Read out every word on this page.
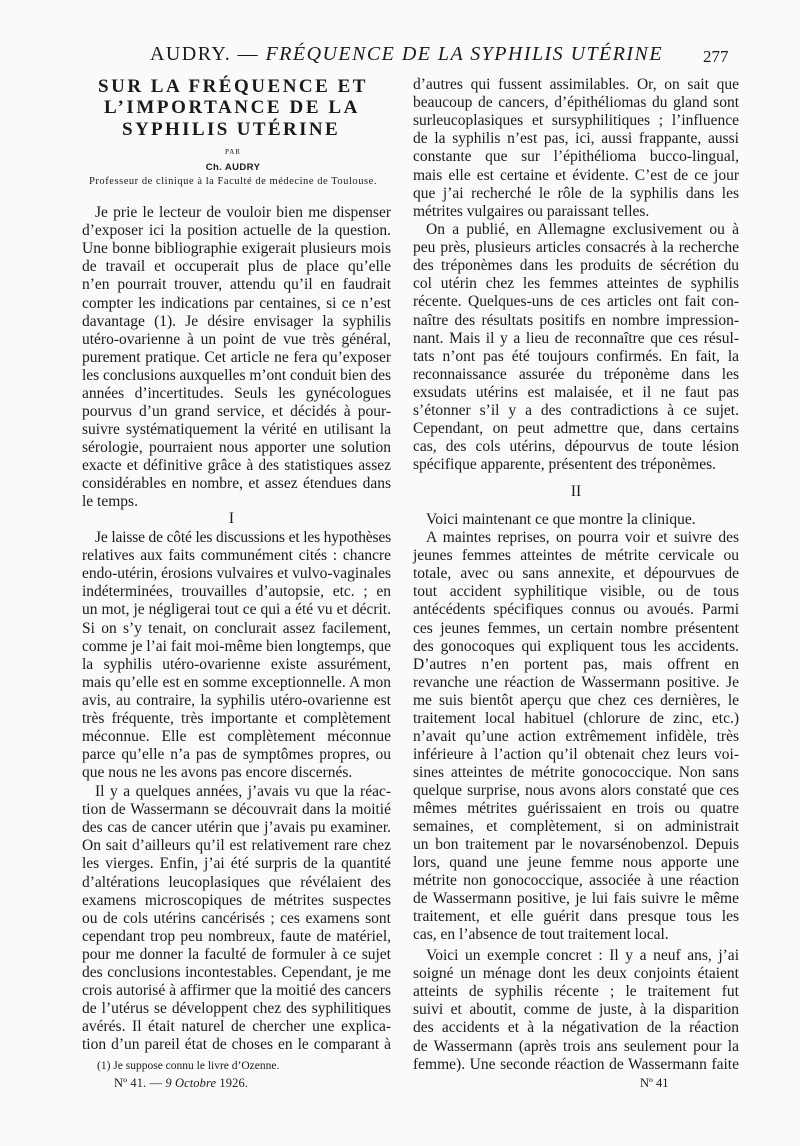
AUDRY. — FRÉQUENCE DE LA SYPHILIS UTÉRINE 277
SUR LA FRÉQUENCE ET
L’IMPORTANCE DE LA
SYPHILIS UTÉRINE
PAR
Ch. AUDRY
Professeur de clinique à la Faculté de médecine de Toulouse.
Je prie le lecteur de vouloir bien me dispenser
d’exposer ici la position actuelle de la question.
Une bonne bibliographie exigerait plusieurs mois
de travail et occuperait plus de place qu’elle
n’en pourrait trouver, attendu qu’il en faudrait
compter les indications par centaines, si ce n’est
davantage (1). Je désire envisager la syphilis
utéro-ovarienne à un point de vue très général,
purement pratique. Cet article ne fera qu’exposer
les conclusions auxquelles m’ont conduit bien des
années d’incertitudes. Seuls les gynécologues
pourvus d’un grand service, et décidés à pour-
suivre systématiquement la vérité en utilisant la
sérologie, pourraient nous apporter une solution
exacte et définitive grâce à des statistiques assez
considérables en nombre, et assez étendues dans
le temps.
I
Je laisse de côté les discussions et les hypothèses
relatives aux faits communément cités : chancre
endo-utérin, érosions vulvaires et vulvo-vaginales
indéterminées, trouvailles d’autopsie, etc. ; en
un mot, je négligerai tout ce qui a été vu et décrit.
Si on s’y tenait, on conclurait assez facilement,
comme je l’ai fait moi-même bien longtemps, que
la syphilis utéro-ovarienne existe assurément,
mais qu’elle est en somme exceptionnelle. A mon
avis, au contraire, la syphilis utéro-ovarienne est
très fréquente, très importante et complètement
méconnue. Elle est complètement méconnue
parce qu’elle n’a pas de symptômes propres, ou
que nous ne les avons pas encore discernés.
Il y a quelques années, j’avais vu que la réac-
tion de Wassermann se découvrait dans la moitié
des cas de cancer utérin que j’avais pu examiner.
On sait d’ailleurs qu’il est relativement rare chez
les vierges. Enfin, j’ai été surpris de la quantité
d’altérations leucoplasiques que révélaient des
examens microscopiques de métrites suspectes
ou de cols utérins cancérisés ; ces examens sont
cependant trop peu nombreux, faute de matériel,
pour me donner la faculté de formuler à ce sujet
des conclusions incontestables. Cependant, je me
crois autorisé à affirmer que la moitié des cancers
de l’utérus se développent chez des syphilitiques
avérés. Il était naturel de chercher une explica-
tion d’un pareil état de choses en le comparant à
d’autres qui fussent assimilables. Or, on sait que
beaucoup de cancers, d’épithéliomas du gland sont
surleucoplasiques et sursyphilitiques ; l’influence
de la syphilis n’est pas, ici, aussi frappante, aussi
constante que sur l’épithélioma bucco-lingual,
mais elle est certaine et évidente. C’est de ce jour
que j’ai recherché le rôle de la syphilis dans les
métrites vulgaires ou paraissant telles.
On a publié, en Allemagne exclusivement ou à
peu près, plusieurs articles consacrés à la recherche
des tréponèmes dans les produits de sécrétion du
col utérin chez les femmes atteintes de syphilis
récente. Quelques-uns de ces articles ont fait con-
naître des résultats positifs en nombre impression-
nant. Mais il y a lieu de reconnaître que ces résul-
tats n’ont pas été toujours confirmés. En fait, la
reconnaissance assurée du tréponème dans les
exsudats utérins est malaisée, et il ne faut pas
s’étonner s’il y a des contradictions à ce sujet.
Cependant, on peut admettre que, dans certains
cas, des cols utérins, dépourvus de toute lésion
spécifique apparente, présentent des tréponèmes.
II
Voici maintenant ce que montre la clinique.
A maintes reprises, on pourra voir et suivre des
jeunes femmes atteintes de métrite cervicale ou
totale, avec ou sans annexite, et dépourvues de
tout accident syphilitique visible, ou de tous
antécédents spécifiques connus ou avoués. Parmi
ces jeunes femmes, un certain nombre présentent
des gonocoques qui expliquent tous les accidents.
D’autres n’en portent pas, mais offrent en
revanche une réaction de Wassermann positive. Je
me suis bientôt aperçu que chez ces dernières, le
traitement local habituel (chlorure de zinc, etc.)
n’avait qu’une action extrêmement infidèle, très
inférieure à l’action qu’il obtenait chez leurs voi-
sines atteintes de métrite gonococcique. Non sans
quelque surprise, nous avons alors constaté que ces
mêmes métrites guérissaient en trois ou quatre
semaines, et complètement, si on administrait
un bon traitement par le novarsénobenzol. Depuis
lors, quand une jeune femme nous apporte une
métrite non gonococcique, associée à une réaction
de Wassermann positive, je lui fais suivre le même
traitement, et elle guérit dans presque tous les
cas, en l’absence de tout traitement local.
Voici un exemple concret : Il y a neuf ans, j’ai
soigné un ménage dont les deux conjoints étaient
atteints de syphilis récente ; le traitement fut
suivi et aboutit, comme de juste, à la disparition
des accidents et à la négativation de la réaction
de Wassermann (après trois ans seulement pour la
femme). Une seconde réaction de Wassermann faite
(1) Je suppose connu le livre d’Ozenne.
Nº 41. — 9 Octobre 1926.	Nº 41
